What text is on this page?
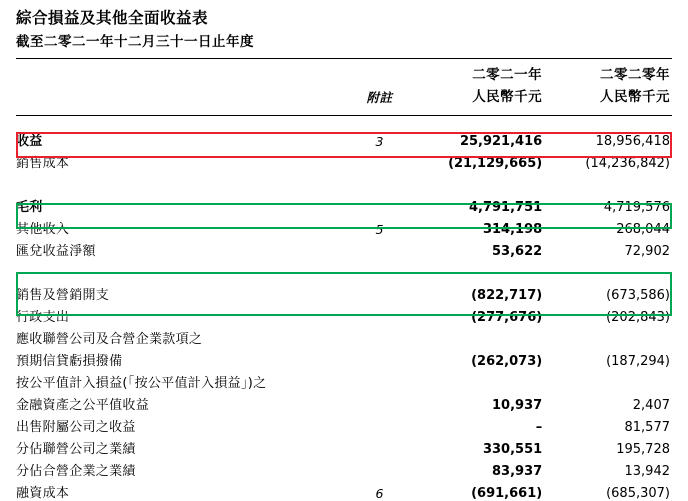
綜合損益及其他全面收益表
截至二零二一年十二月三十一日止年度
		二零二一年	二零二零年
	附註	人民幣千元	人民幣千元

收益	3	25,921,416	18,956,418
銷售成本		(21,129,665)	(14,236,842)

毛利		4,791,751	4,719,576
其他收入	5	314,198	268,044
匯兌收益淨額		53,622	72,902

銷售及營銷開支		(822,717)	(673,586)
行政支出		(277,676)	(202,843)
應收聯營公司及合營企業款項之			
預期信貸虧損撥備		(262,073)	(187,294)
按公平值計入損益(「按公平值計入損益」)之			
金融資產之公平值收益		10,937	2,407
出售附屬公司之收益		–	81,577
分佔聯營公司之業績		330,551	195,728
分佔合營企業之業績		83,937	13,942
融資成本	6	(691,661)	(685,307)
